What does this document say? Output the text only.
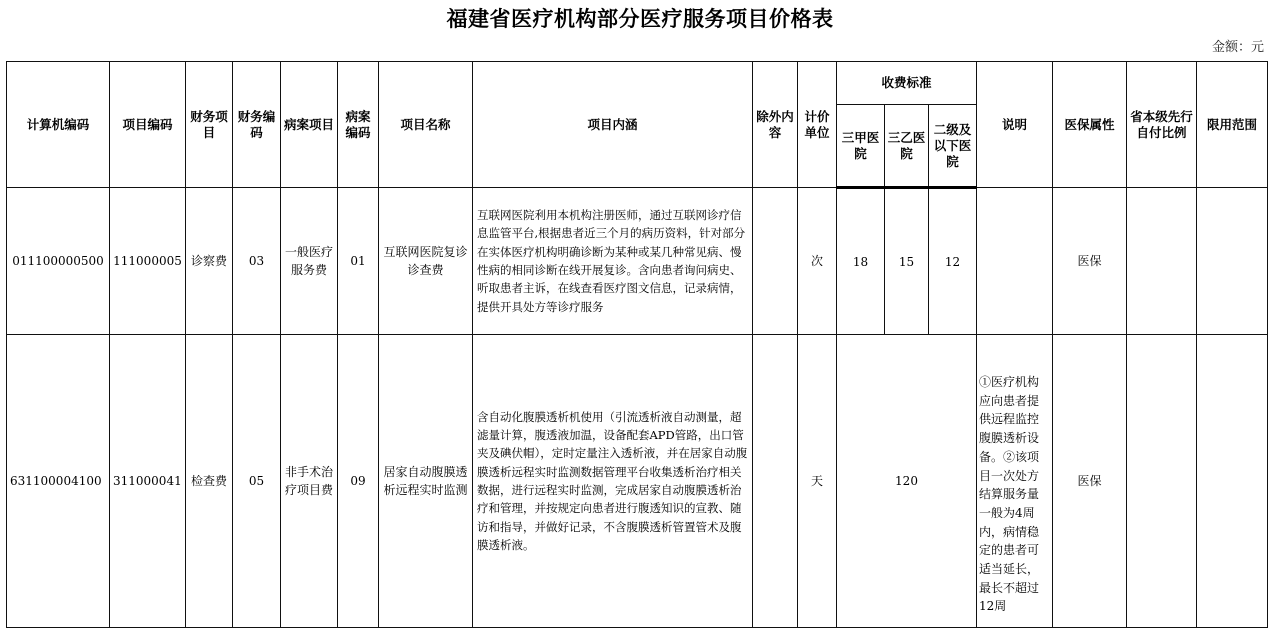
福建省医疗机构部分医疗服务项目价格表
金额：元
计算机编码	项目编码	财务项目	财务编码	病案项目	病案编码	项目名称	项目内涵	除外内容	计价单位	收费标准			说明	医保属性	省本级先行自付比例	限用范围
										三甲医院	三乙医院	二级及以下医院				
011100000500	111000005	诊察费	03	一般医疗服务费	01	互联网医院复诊诊查费	互联网医院利用本机构注册医师，通过互联网诊疗信息监管平台,根据患者近三个月的病历资料，针对部分在实体医疗机构明确诊断为某种或某几种常见病、慢性病的相同诊断在线开展复诊。含向患者询问病史、听取患者主诉，在线查看医疗图文信息，记录病情，提供开具处方等诊疗服务		次	18	15	12		医保		
631100004100	311000041	检查费	05	非手术治疗项目费	09	居家自动腹膜透析远程实时监测	含自动化腹膜透析机使用（引流透析液自动测量，超滤量计算，腹透液加温，设备配套APD管路，出口管夹及碘伏帽），定时定量注入透析液，并在居家自动腹膜透析远程实时监测数据管理平台收集透析治疗相关数据，进行远程实时监测，完成居家自动腹膜透析治疗和管理，并按规定向患者进行腹透知识的宣教、随访和指导，并做好记录，不含腹膜透析管置管术及腹膜透析液。		天	120			①医疗机构应向患者提供远程监控腹膜透析设备。②该项目一次处方结算服务量一般为4周内，病情稳定的患者可适当延长，最长不超过12周	医保		
